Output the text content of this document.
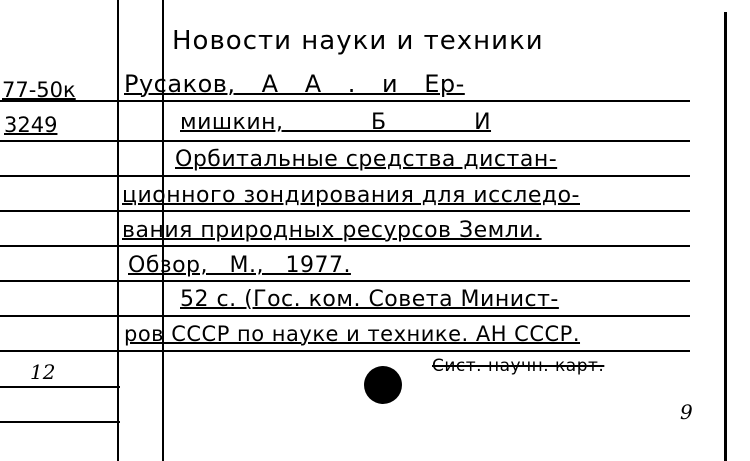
77-50к
3249
Новости науки и техники
Русаков, А А . и Ер-
мишкин, Б И
Орбитальные средства дистан-
ционного зондирования для исследо-
вания природных ресурсов Земли.
Обзор, М., 1977.
52 с. (Гос. ком. Совета Минист-
ров СССР по науке и технике. АН СССР.
Сист. научн. карт.
12
9
